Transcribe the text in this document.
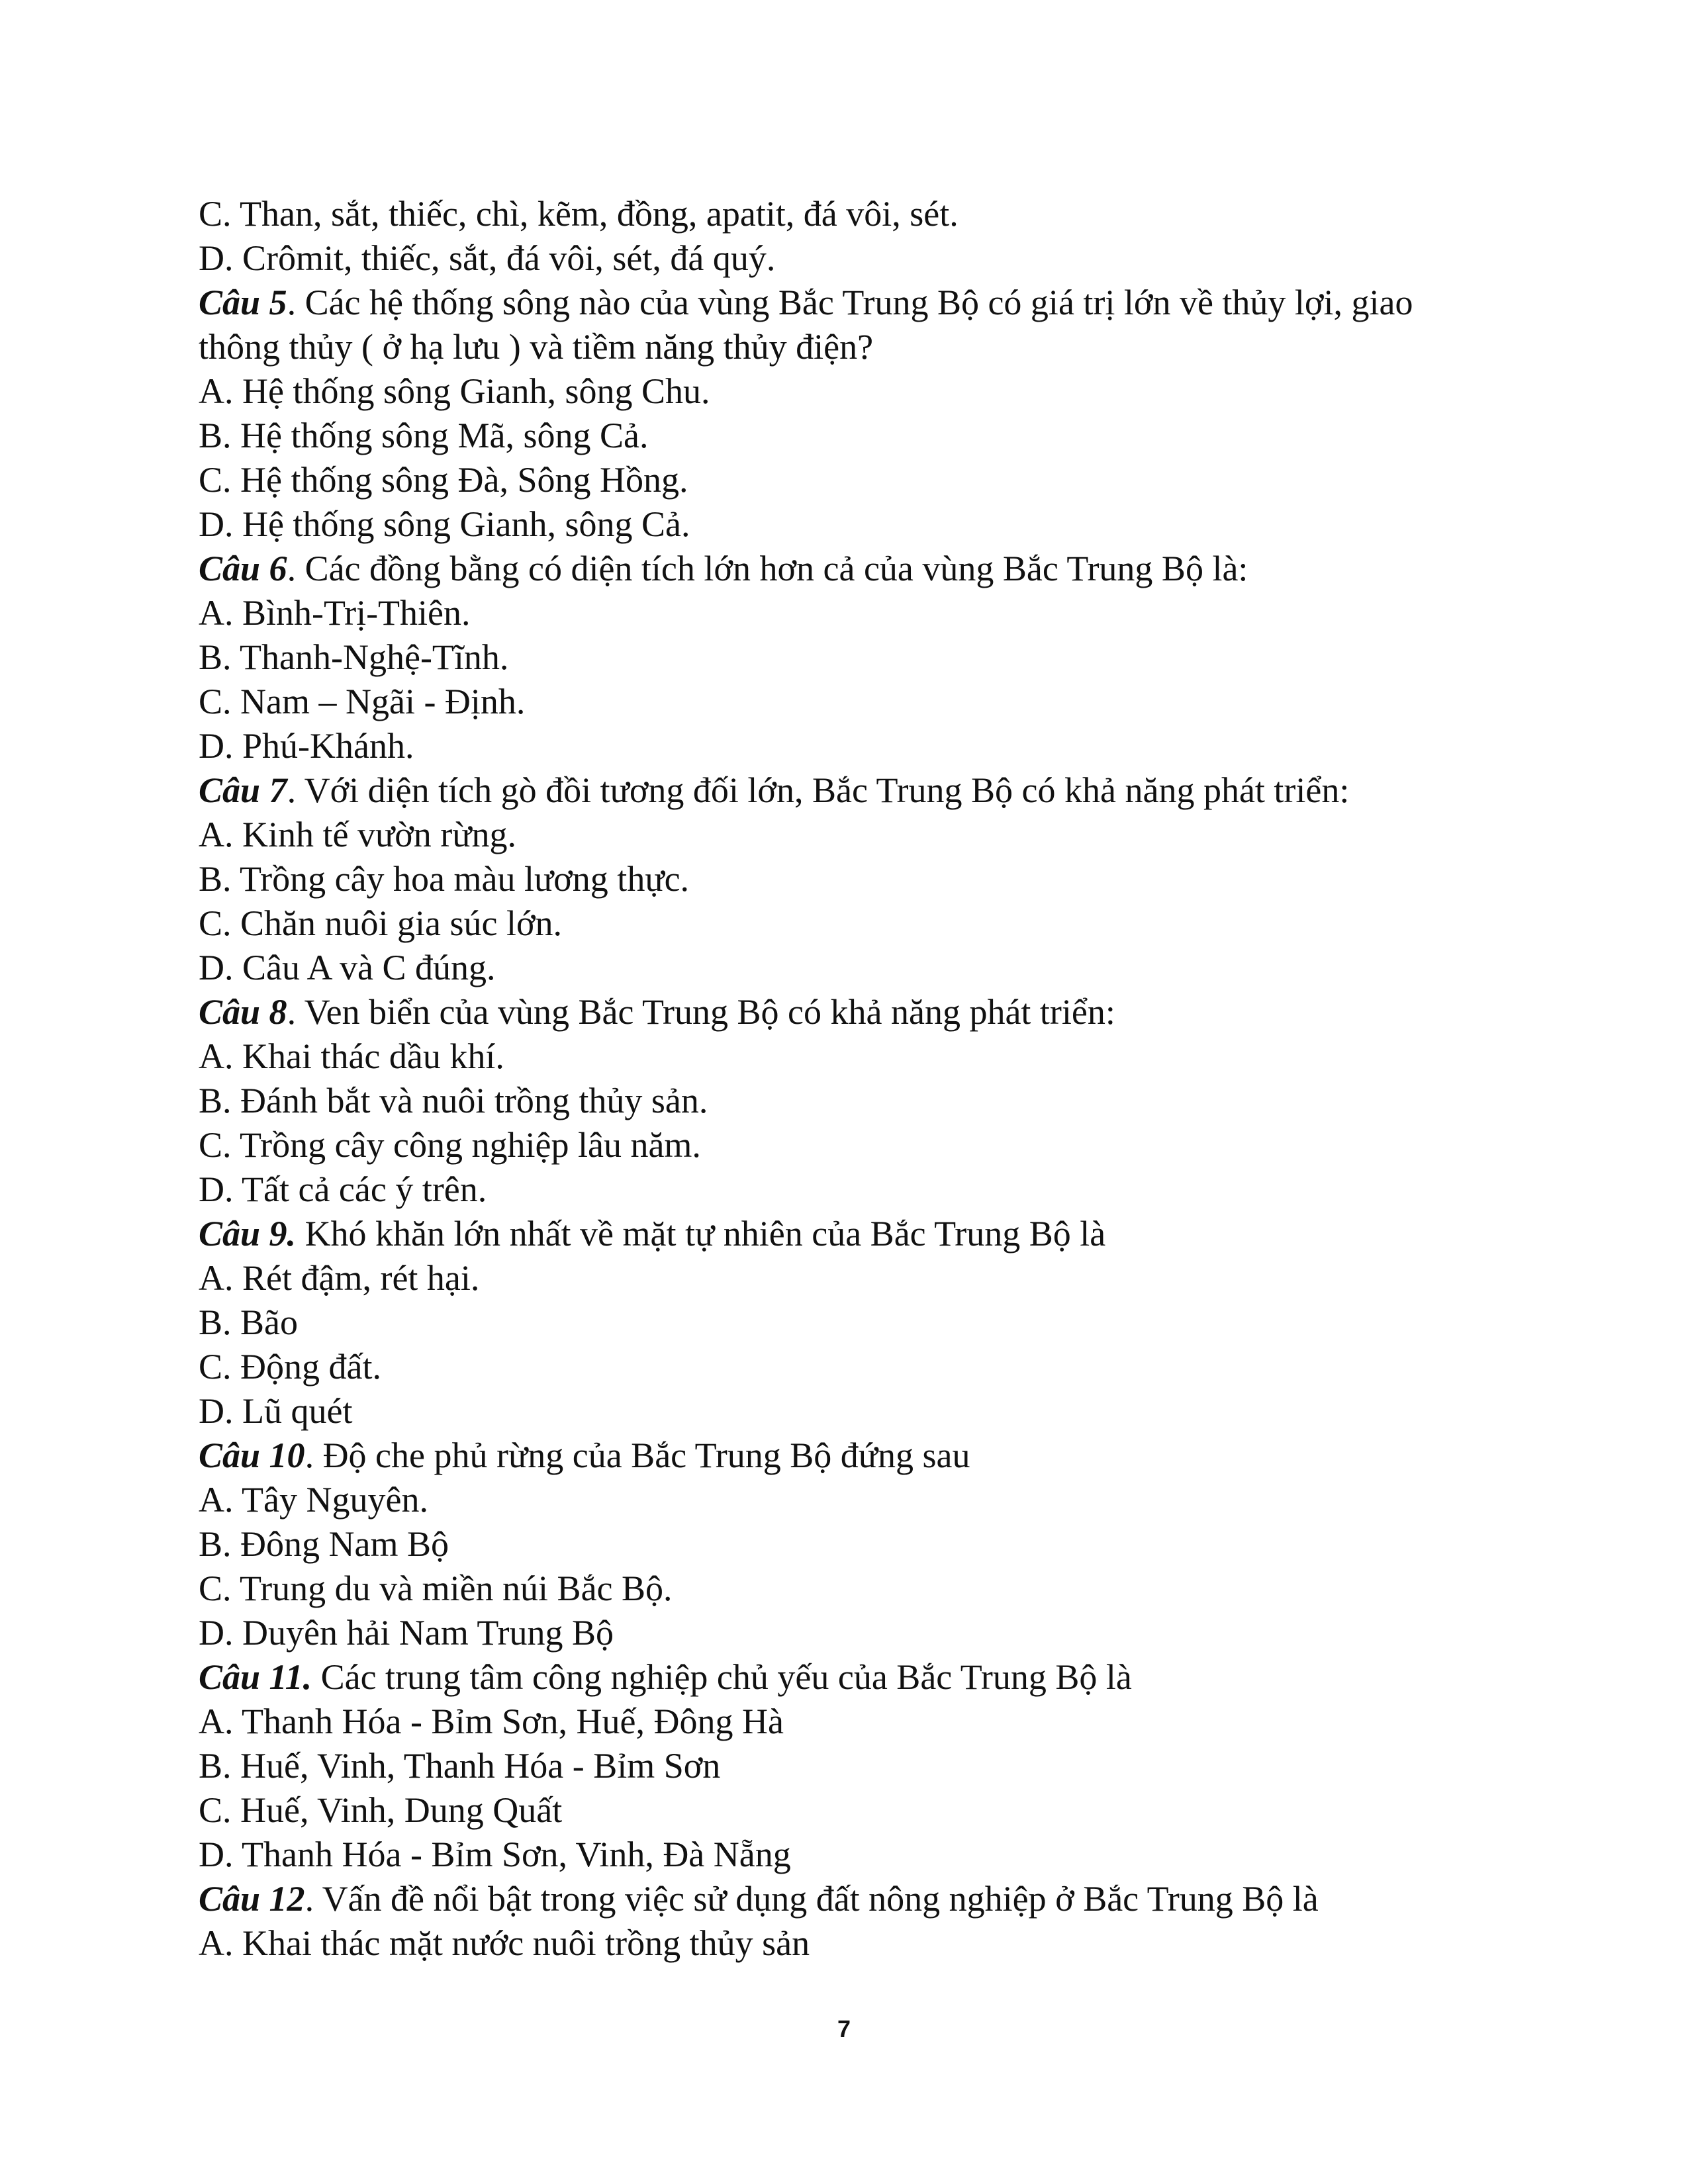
C. Than, sắt, thiếc, chì, kẽm, đồng, apatit, đá vôi, sét.

D. Crômit, thiếc, sắt, đá vôi, sét, đá quý.

Câu 5. Các hệ thống sông nào của vùng Bắc Trung Bộ có giá trị lớn về thủy lợi, giao

thông thủy ( ở hạ lưu ) và tiềm năng thủy điện?

A. Hệ thống sông Gianh, sông Chu.

B. Hệ thống sông Mã, sông Cả.

C. Hệ thống sông Đà, Sông Hồng.

D. Hệ thống sông Gianh, sông Cả.

Câu 6. Các đồng bằng có diện tích lớn hơn cả của vùng Bắc Trung Bộ là:

A. Bình-Trị-Thiên.

B. Thanh-Nghệ-Tĩnh.

C. Nam – Ngãi - Định.

D. Phú-Khánh.

Câu 7. Với diện tích gò đồi tương đối lớn, Bắc Trung Bộ có khả năng phát triển:

A. Kinh tế vườn rừng.

B. Trồng cây hoa màu lương thực.

C. Chăn nuôi gia súc lớn.

D. Câu A và C đúng.

Câu 8. Ven biển của vùng Bắc Trung Bộ có khả năng phát triển:

A. Khai thác dầu khí.

B. Đánh bắt và nuôi trồng thủy sản.

C. Trồng cây công nghiệp lâu năm.

D. Tất cả các ý trên.

Câu 9. Khó khăn lớn nhất về mặt tự nhiên của Bắc Trung Bộ là

A. Rét đậm, rét hại.

B. Bão

C. Động đất.

D. Lũ quét

Câu 10. Độ che phủ rừng của Bắc Trung Bộ đứng sau

A. Tây Nguyên.

B. Đông Nam Bộ

C. Trung du và miền núi Bắc Bộ.

D. Duyên hải Nam Trung Bộ

Câu 11. Các trung tâm công nghiệp chủ yếu của Bắc Trung Bộ là

A. Thanh Hóa - Bỉm Sơn, Huế, Đông Hà

B. Huế, Vinh, Thanh Hóa - Bỉm Sơn

C. Huế, Vinh, Dung Quất

D. Thanh Hóa - Bỉm Sơn, Vinh, Đà Nẵng

Câu 12. Vấn đề nổi bật trong việc sử dụng đất nông nghiệp ở Bắc Trung Bộ là

A. Khai thác mặt nước nuôi trồng thủy sản

7
